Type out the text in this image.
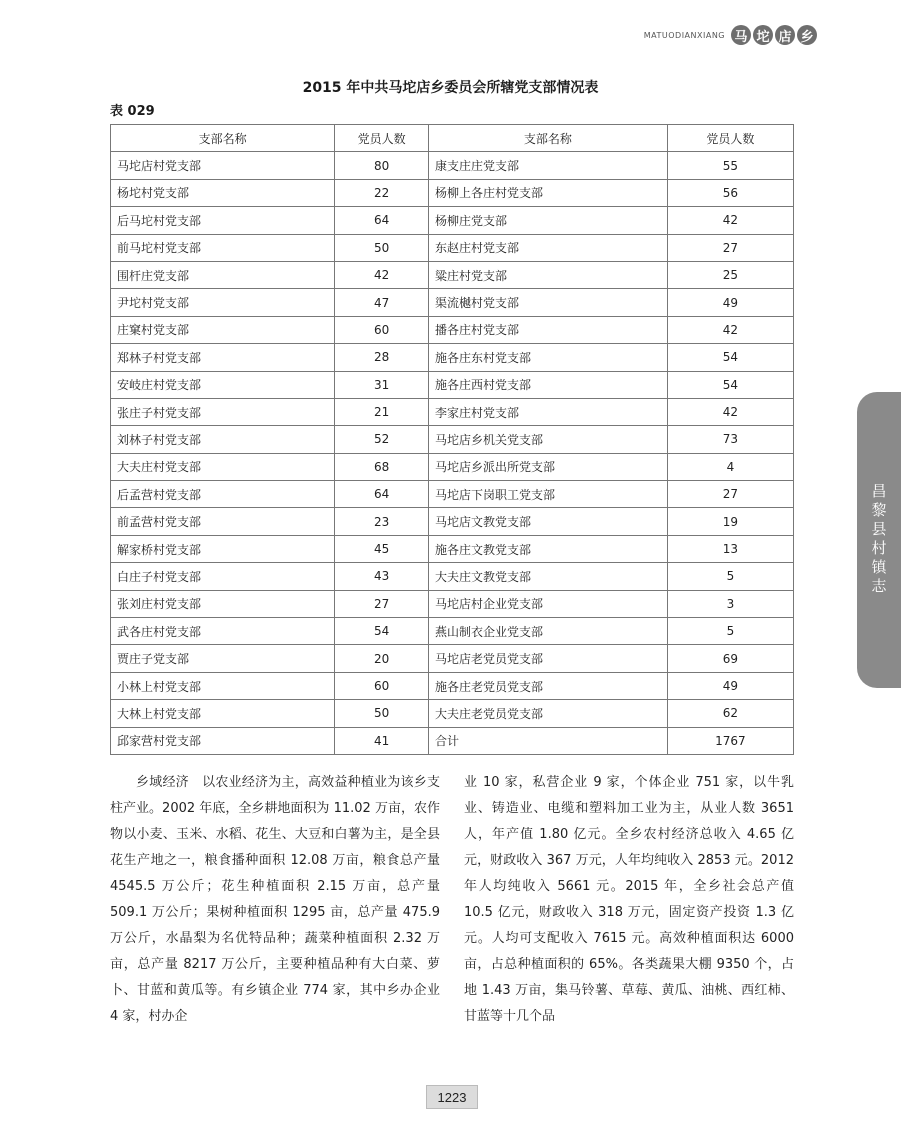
MATUODIANXIANG 马 坨 店 乡
2015 年中共马坨店乡委员会所辖党支部情况表
表 029
支部名称	党员人数	支部名称	党员人数
马坨店村党支部	80	康支庄庄党支部	55
杨坨村党支部	22	杨柳上各庄村党支部	56
后马坨村党支部	64	杨柳庄党支部	42
前马坨村党支部	50	东赵庄村党支部	27
围杆庄党支部	42	粱庄村党支部	25
尹坨村党支部	47	渠流樾村党支部	49
庄窠村党支部	60	播各庄村党支部	42
郑林子村党支部	28	施各庄东村党支部	54
安岐庄村党支部	31	施各庄西村党支部	54
张庄子村党支部	21	李家庄村党支部	42
刘林子村党支部	52	马坨店乡机关党支部	73
大夫庄村党支部	68	马坨店乡派出所党支部	4
后孟营村党支部	64	马坨店下岗职工党支部	27
前孟营村党支部	23	马坨店文教党支部	19
解家桥村党支部	45	施各庄文教党支部	13
白庄子村党支部	43	大夫庄文教党支部	5
张刘庄村党支部	27	马坨店村企业党支部	3
武各庄村党支部	54	燕山制衣企业党支部	5
贾庄子党支部	20	马坨店老党员党支部	69
小林上村党支部	60	施各庄老党员党支部	49
大林上村党支部	50	大夫庄老党员党支部	62
邱家营村党支部	41	合计	1767

乡域经济　以农业经济为主，高效益种植业为该乡支柱产业。2002 年底，全乡耕地面积为 11.02 万亩，农作物以小麦、玉米、水稻、花生、大豆和白薯为主，是全县花生产地之一，粮食播种面积 12.08 万亩，粮食总产量 4545.5 万公斤；花生种植面积 2.15 万亩，总产量 509.1 万公斤；果树种植面积 1295 亩，总产量 475.9 万公斤，水晶梨为名优特品种；蔬菜种植面积 2.32 万亩，总产量 8217 万公斤，主要种植品种有大白菜、萝卜、甘蓝和黄瓜等。有乡镇企业 774 家，其中乡办企业 4 家，村办企

业 10 家，私营企业 9 家，个体企业 751 家，以牛乳业、铸造业、电缆和塑料加工业为主，从业人数 3651 人，年产值 1.80 亿元。全乡农村经济总收入 4.65 亿元，财政收入 367 万元，人年均纯收入 2853 元。2012 年人均纯收入 5661 元。2015 年，全乡社会总产值 10.5 亿元，财政收入 318 万元，固定资产投资 1.3 亿元。人均可支配收入 7615 元。高效种植面积达 6000 亩，占总种植面积的 65%。各类蔬果大棚 9350 个，占地 1.43 万亩，集马铃薯、草莓、黄瓜、油桃、西红柿、甘蓝等十几个品

昌黎县村镇志
1223
